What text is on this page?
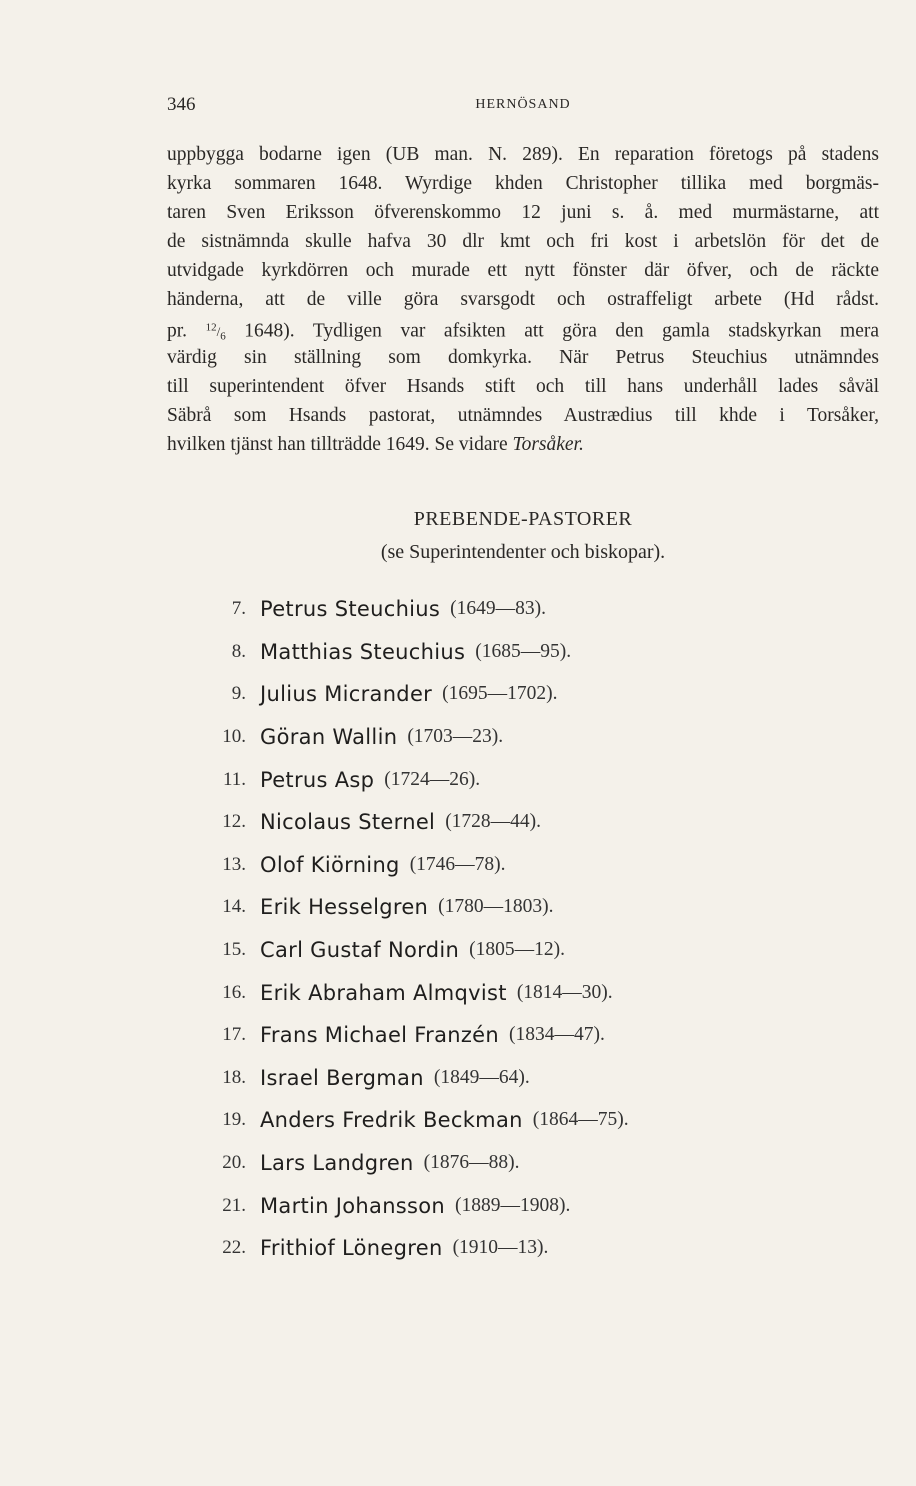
346	HERNÖSAND
uppbygga bodarne igen (UB man. N. 289). En reparation företogs på stadens
kyrka sommaren 1648. Wyrdige khden Christopher tillika med borgmäs-
taren Sven Eriksson öfverenskommo 12 juni s. å. med murmästarne, att
de sistnämnda skulle hafva 30 dlr kmt och fri kost i arbetslön för det de
utvidgade kyrkdörren och murade ett nytt fönster där öfver, och de räckte
händerna, att de ville göra svarsgodt och ostraffeligt arbete (Hd rådst.
pr. $^{12}/_6$ 1648). Tydligen var afsikten att göra den gamla stadskyrkan mera
värdig sin ställning som domkyrka. När Petrus Steuchius utnämndes
till superintendent öfver Hsands stift och till hans underhåll lades såväl
Säbrå som Hsands pastorat, utnämndes Austrædius till khde i Torsåker,
hvilken tjänst han tillträdde 1649. Se vidare Torsåker.
PREBENDE-PASTORER
(se Superintendenter och biskopar).
7. Petrus Steuchius (1649—83).
8. Matthias Steuchius (1685—95).
9. Julius Micrander (1695—1702).
10. Göran Wallin (1703—23).
11. Petrus Asp (1724—26).
12. Nicolaus Sternel (1728—44).
13. Olof Kiörning (1746—78).
14. Erik Hesselgren (1780—1803).
15. Carl Gustaf Nordin (1805—12).
16. Erik Abraham Almqvist (1814—30).
17. Frans Michael Franzén (1834—47).
18. Israel Bergman (1849—64).
19. Anders Fredrik Beckman (1864—75).
20. Lars Landgren (1876—88).
21. Martin Johansson (1889—1908).
22. Frithiof Lönegren (1910—13).
